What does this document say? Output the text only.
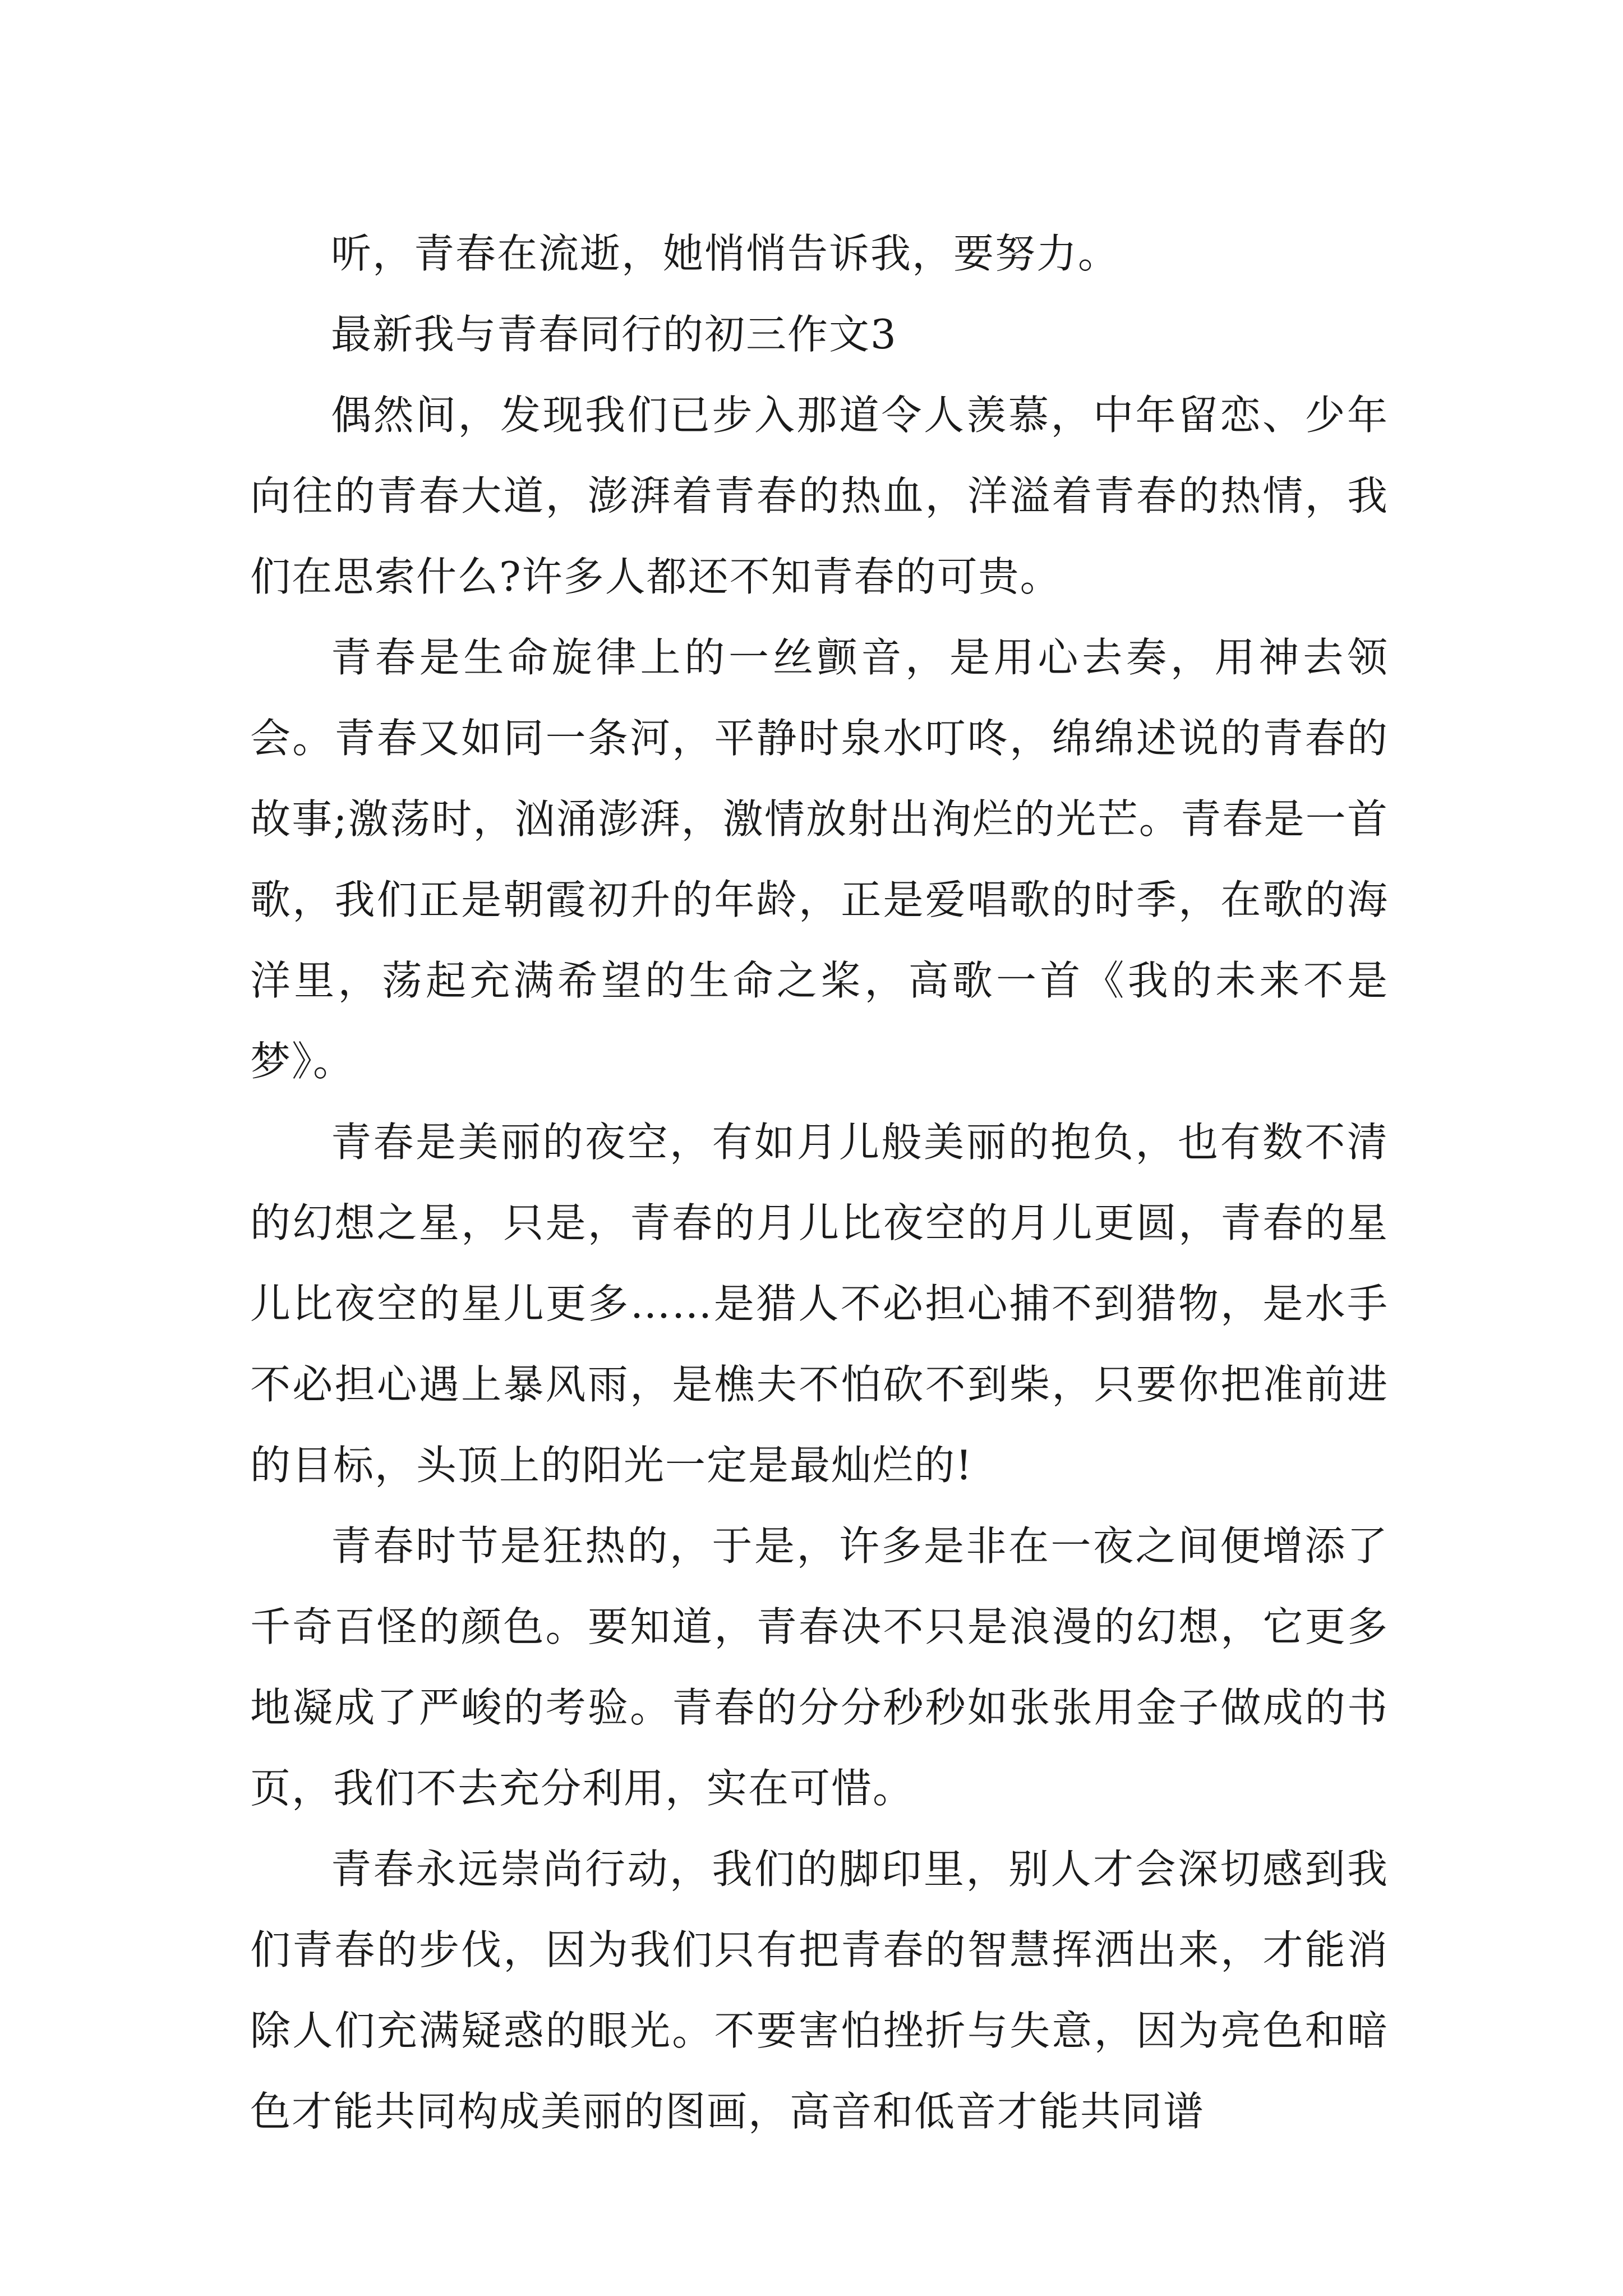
听，青春在流逝，她悄悄告诉我，要努力。

最新我与青春同行的初三作文3

偶然间，发现我们已步入那道令人羡慕，中年留恋、少年向往的青春大道，澎湃着青春的热血，洋溢着青春的热情，我们在思索什么?许多人都还不知青春的可贵。

青春是生命旋律上的一丝颤音，是用心去奏，用神去领会。青春又如同一条河，平静时泉水叮咚，绵绵述说的青春的故事;激荡时，汹涌澎湃，激情放射出洵烂的光芒。青春是一首歌，我们正是朝霞初升的年龄，正是爱唱歌的时季，在歌的海洋里，荡起充满希望的生命之桨，高歌一首《我的未来不是梦》。

青春是美丽的夜空，有如月儿般美丽的抱负，也有数不清的幻想之星，只是，青春的月儿比夜空的月儿更圆，青春的星儿比夜空的星儿更多……是猎人不必担心捕不到猎物，是水手不必担心遇上暴风雨，是樵夫不怕砍不到柴，只要你把准前进的目标，头顶上的阳光一定是最灿烂的!

青春时节是狂热的，于是，许多是非在一夜之间便增添了千奇百怪的颜色。要知道，青春决不只是浪漫的幻想，它更多地凝成了严峻的考验。青春的分分秒秒如张张用金子做成的书页，我们不去充分利用，实在可惜。

青春永远崇尚行动，我们的脚印里，别人才会深切感到我们青春的步伐，因为我们只有把青春的智慧挥洒出来，才能消除人们充满疑惑的眼光。不要害怕挫折与失意，因为亮色和暗色才能共同构成美丽的图画，高音和低音才能共同谱
